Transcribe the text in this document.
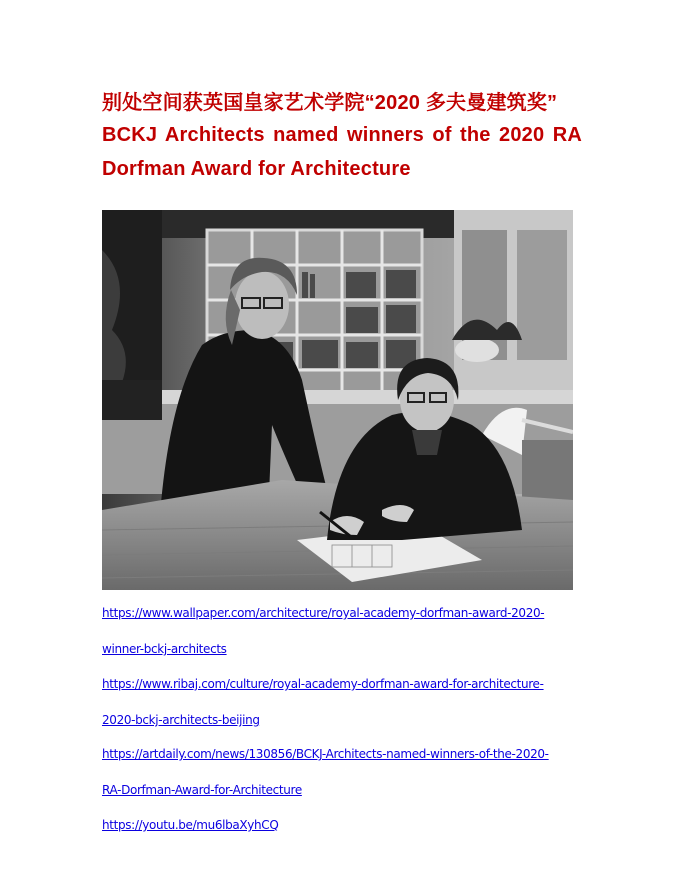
别处空间获英国皇家艺术学院“2020 多夫曼建筑奖”
BCKJ Architects named winners of the 2020 RA Dorfman Award for Architecture
https://www.wallpaper.com/architecture/royal-academy-dorfman-award-2020-
winner-bckj-architects
https://www.ribaj.com/culture/royal-academy-dorfman-award-for-architecture-
2020-bckj-architects-beijing
https://artdaily.com/news/130856/BCKJ-Architects-named-winners-of-the-2020-
RA-Dorfman-Award-for-Architecture
https://youtu.be/mu6lbaXyhCQ
